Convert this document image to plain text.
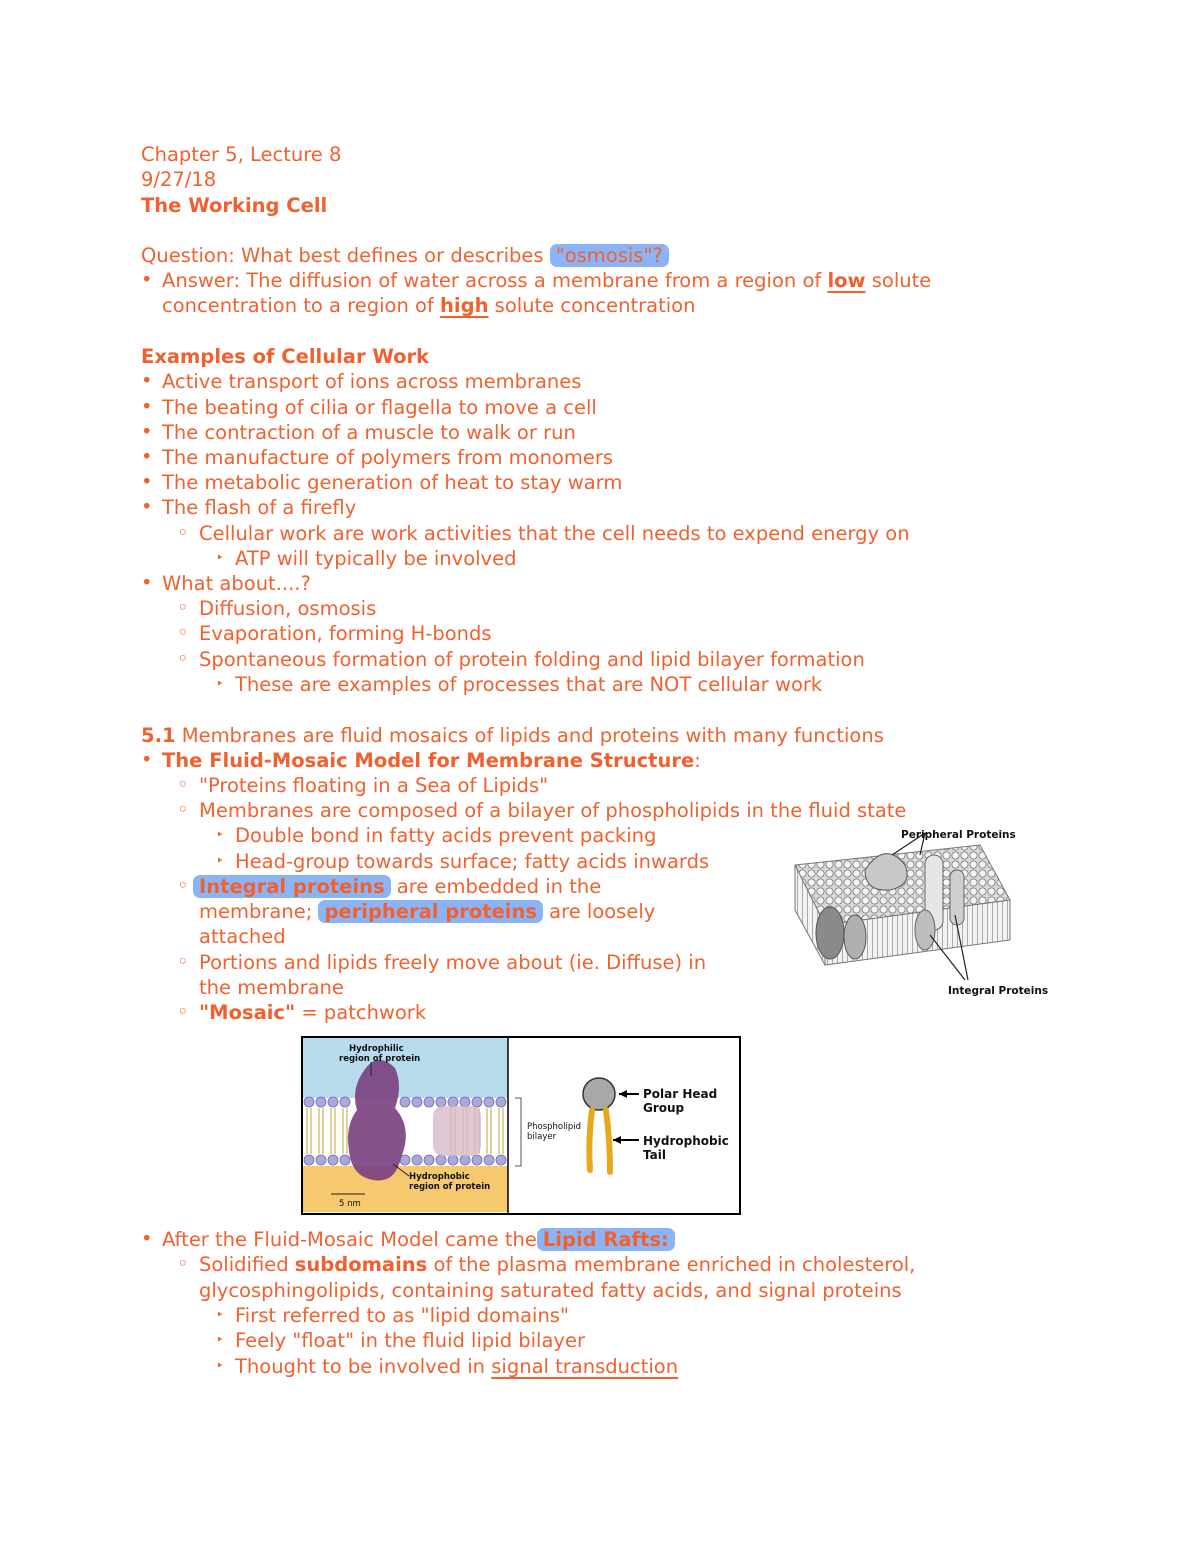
Chapter 5, Lecture 8
9/27/18
The Working Cell
Question: What best defines or describes "osmosis"?
• Answer: The diffusion of water across a membrane from a region of low solute
concentration to a region of high solute concentration
Examples of Cellular Work
• Active transport of ions across membranes
• The beating of cilia or flagella to move a cell
• The contraction of a muscle to walk or run
• The manufacture of polymers from monomers
• The metabolic generation of heat to stay warm
• The flash of a firefly
◦ Cellular work are work activities that the cell needs to expend energy on
‣ ATP will typically be involved
• What about....?
◦ Diffusion, osmosis
◦ Evaporation, forming H-bonds
◦ Spontaneous formation of protein folding and lipid bilayer formation
‣ These are examples of processes that are NOT cellular work
5.1 Membranes are fluid mosaics of lipids and proteins with many functions
• The Fluid-Mosaic Model for Membrane Structure:
◦ "Proteins floating in a Sea of Lipids"
◦ Membranes are composed of a bilayer of phospholipids in the fluid state
‣ Double bond in fatty acids prevent packing
‣ Head-group towards surface; fatty acids inwards
◦ Integral proteins are embedded in the
membrane; peripheral proteins are loosely
attached
◦ Portions and lipids freely move about (ie. Diffuse) in
the membrane
◦ "Mosaic" = patchwork
Peripheral Proteins
Integral Proteins
Hydrophilic
region of protein
Hydrophobic
region of protein
5 nm
Phospholipid
bilayer
Polar Head
Group
Hydrophobic
Tail
• After the Fluid-Mosaic Model came the Lipid Rafts:
◦ Solidified subdomains of the plasma membrane enriched in cholesterol,
glycosphingolipids, containing saturated fatty acids, and signal proteins
‣ First referred to as "lipid domains"
‣ Feely "float" in the fluid lipid bilayer
‣ Thought to be involved in signal transduction
